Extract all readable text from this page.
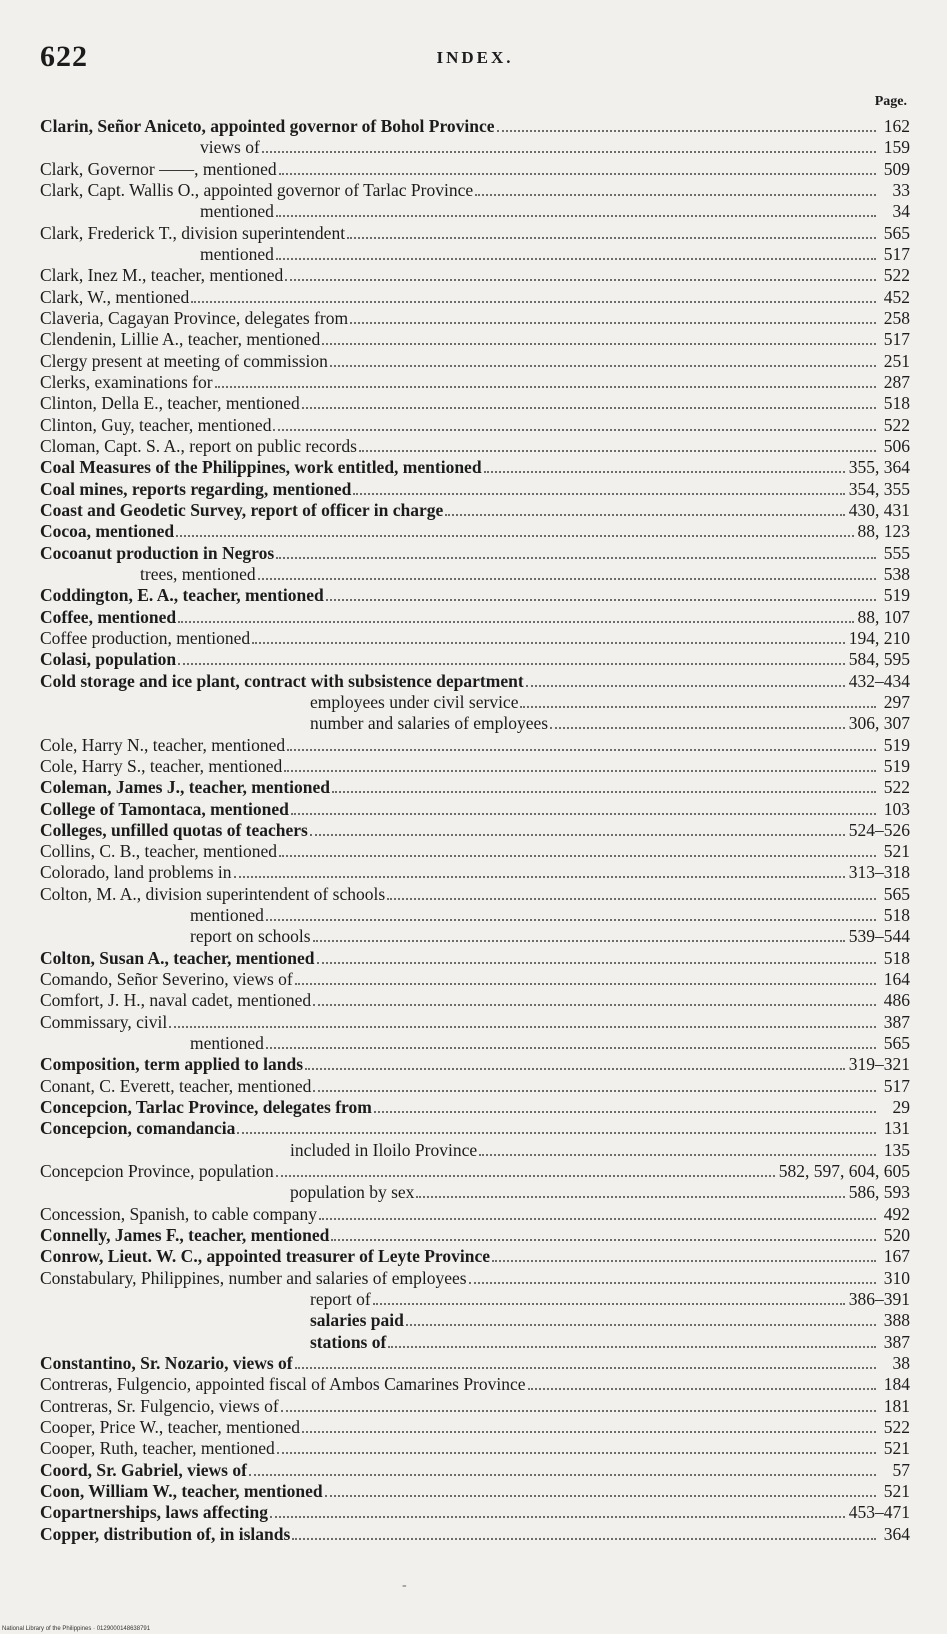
622	INDEX.
Page.
Clarin, Señor Aniceto, appointed governor of Bohol Province	162
views of	159
Clark, Governor ——, mentioned	509
Clark, Capt. Wallis O., appointed governor of Tarlac Province	33
mentioned	34
Clark, Frederick T., division superintendent	565
mentioned	517
Clark, Inez M., teacher, mentioned	522
Clark, W., mentioned	452
Claveria, Cagayan Province, delegates from	258
Clendenin, Lillie A., teacher, mentioned	517
Clergy present at meeting of commission	251
Clerks, examinations for	287
Clinton, Della E., teacher, mentioned	518
Clinton, Guy, teacher, mentioned	522
Cloman, Capt. S. A., report on public records	506
Coal Measures of the Philippines, work entitled, mentioned	355, 364
Coal mines, reports regarding, mentioned	354, 355
Coast and Geodetic Survey, report of officer in charge	430, 431
Cocoa, mentioned	88, 123
Cocoanut production in Negros	555
trees, mentioned	538
Coddington, E. A., teacher, mentioned	519
Coffee, mentioned	88, 107
Coffee production, mentioned	194, 210
Colasi, population	584, 595
Cold storage and ice plant, contract with subsistence department	432–434
employees under civil service	297
number and salaries of employees	306, 307
Cole, Harry N., teacher, mentioned	519
Cole, Harry S., teacher, mentioned	519
Coleman, James J., teacher, mentioned	522
College of Tamontaca, mentioned	103
Colleges, unfilled quotas of teachers	524–526
Collins, C. B., teacher, mentioned	521
Colorado, land problems in	313–318
Colton, M. A., division superintendent of schools	565
mentioned	518
report on schools	539–544
Colton, Susan A., teacher, mentioned	518
Comando, Señor Severino, views of	164
Comfort, J. H., naval cadet, mentioned	486
Commissary, civil	387
mentioned	565
Composition, term applied to lands	319–321
Conant, C. Everett, teacher, mentioned	517
Concepcion, Tarlac Province, delegates from	29
Concepcion, comandancia	131
included in Iloilo Province	135
Concepcion Province, population	582, 597, 604, 605
population by sex	586, 593
Concession, Spanish, to cable company	492
Connelly, James F., teacher, mentioned	520
Conrow, Lieut. W. C., appointed treasurer of Leyte Province	167
Constabulary, Philippines, number and salaries of employees	310
report of	386–391
salaries paid	388
stations of	387
Constantino, Sr. Nozario, views of	38
Contreras, Fulgencio, appointed fiscal of Ambos Camarines Province	184
Contreras, Sr. Fulgencio, views of	181
Cooper, Price W., teacher, mentioned	522
Cooper, Ruth, teacher, mentioned	521
Coord, Sr. Gabriel, views of	57
Coon, William W., teacher, mentioned	521
Copartnerships, laws affecting	453–471
Copper, distribution of, in islands	364
-
National Library of the Philippines · 0129000148638791
